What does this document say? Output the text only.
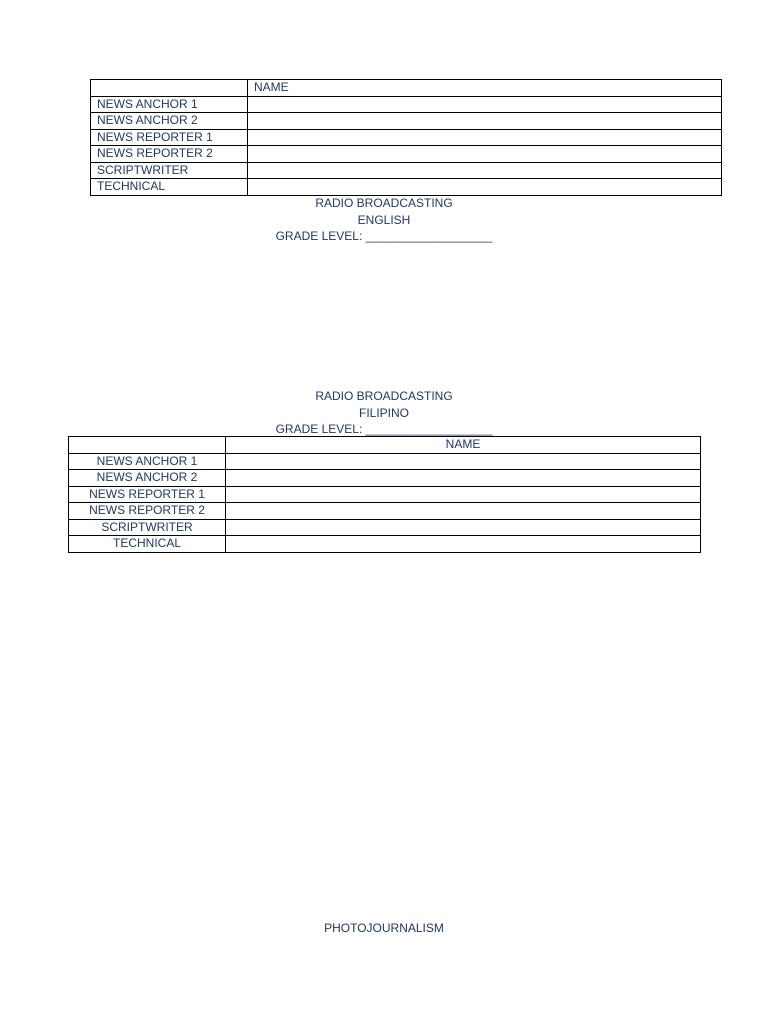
	NAME
NEWS ANCHOR 1	
NEWS ANCHOR 2	
NEWS REPORTER 1	
NEWS REPORTER 2	
SCRIPTWRITER	
TECHNICAL	
RADIO BROADCASTING
ENGLISH
GRADE LEVEL: ___________________
RADIO BROADCASTING
FILIPINO
GRADE LEVEL: ___________________
	NAME
NEWS ANCHOR 1	
NEWS ANCHOR 2	
NEWS REPORTER 1	
NEWS REPORTER 2	
SCRIPTWRITER	
TECHNICAL	
PHOTOJOURNALISM
